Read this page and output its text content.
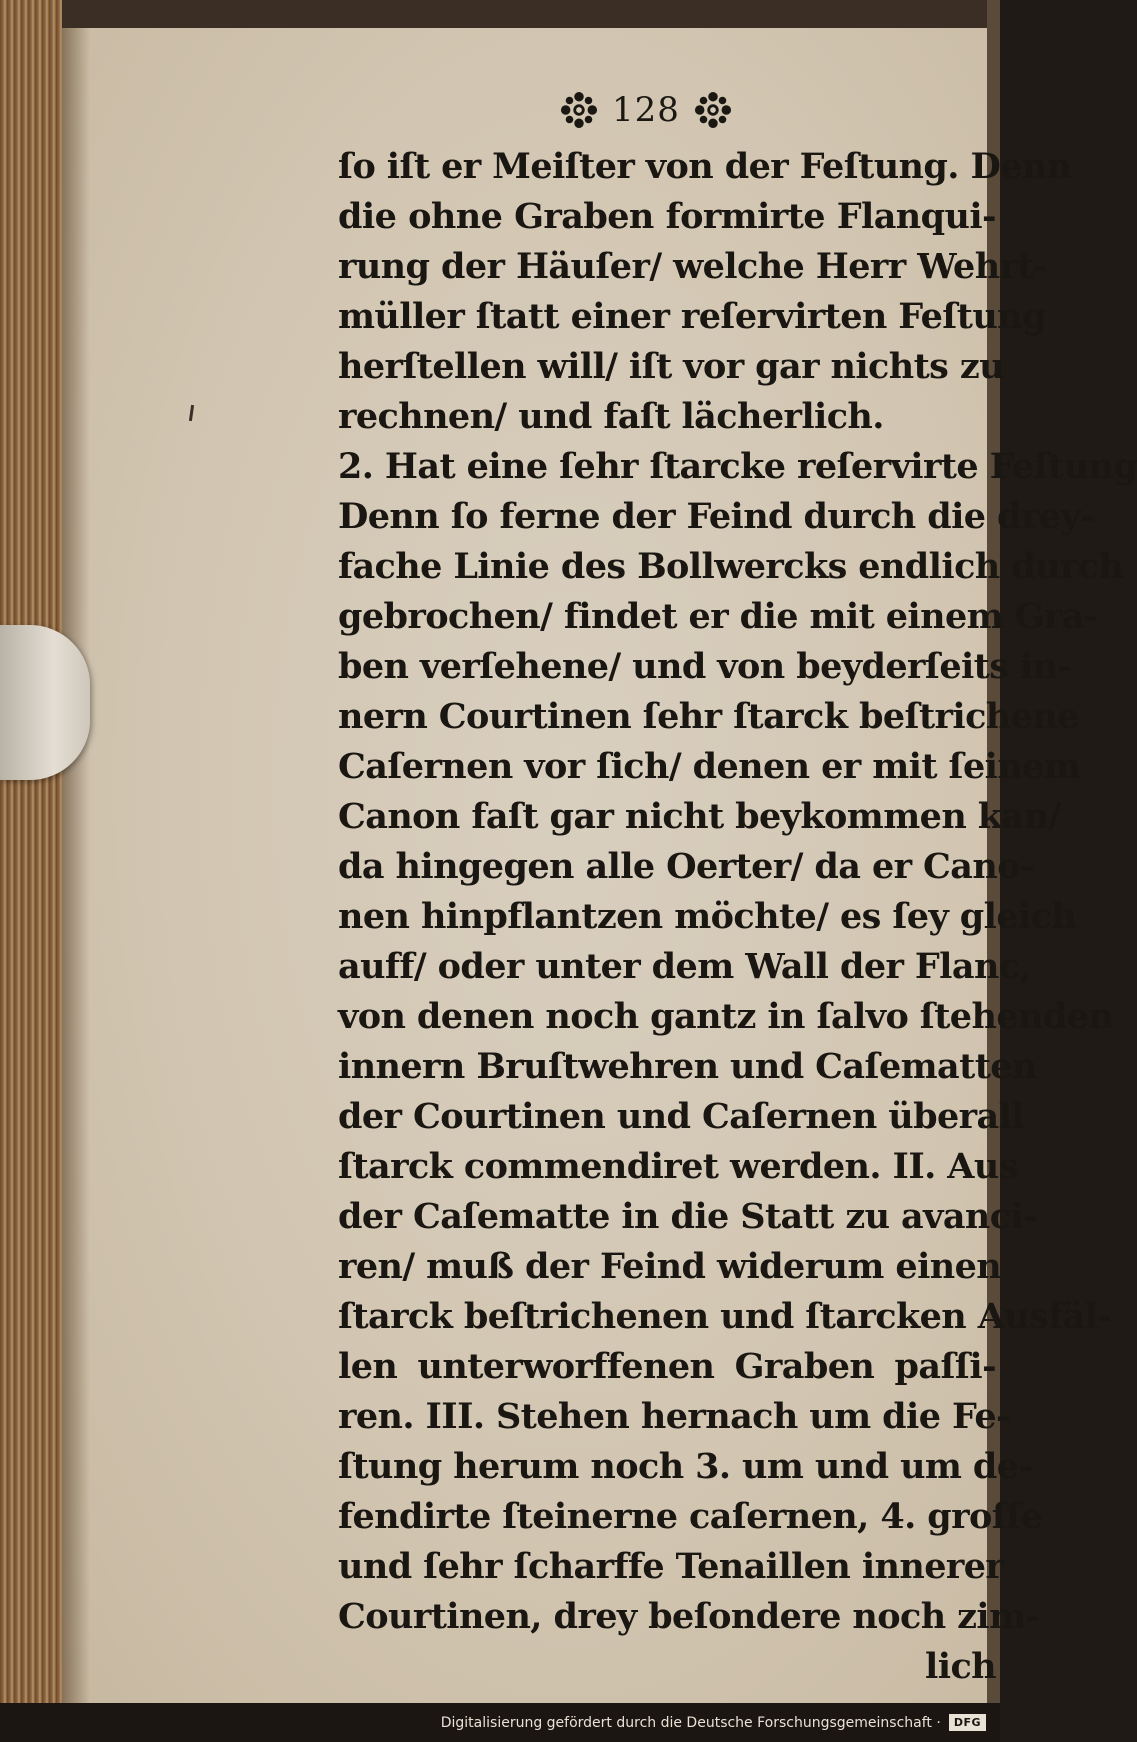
128
ſo iſt er Meiſter von der Feſtung. Denn
die ohne Graben formirte Flanqui-
rung der Häuſer/ welche Herr Wehrt-
müller ſtatt einer reſervirten Feſtung
herſtellen will/ iſt vor gar nichts zu
rechnen/ und faſt lächerlich.
2. Hat eine ſehr ſtarcke reſervirte Feſtung
Denn ſo ferne der Feind durch die drey-
fache Linie des Bollwercks endlich durch
gebrochen/ findet er die mit einem Gra-
ben verſehene/ und von beyderſeits in-
nern Courtinen ſehr ſtarck beſtrichene
Caſernen vor ſich/ denen er mit ſeinem
Canon faſt gar nicht beykommen kan/
da hingegen alle Oerter/ da er Cano-
nen hinpflantzen möchte/ es ſey gleich
auff/ oder unter dem Wall der Flanc,
von denen noch gantz in ſalvo ſtehenden
innern Bruſtwehren und Caſematten
der Courtinen und Caſernen überall
ſtarck commendiret werden. II. Aus
der Caſematte in die Statt zu avanci-
ren/ muß der Feind widerum einen
ſtarck beſtrichenen und ſtarcken Ausfäl-
len unterworffenen Graben paſſi-
ren. III. Stehen hernach um die Fe-
ſtung herum noch 3. um und um de-
fendirte ſteinerne caſernen, 4. groſſe
und ſehr ſcharffe Tenaillen innerer
Courtinen, drey beſondere noch zim-
lich
Digitalisierung gefördert durch die Deutsche Forschungsgemeinschaft ·	DFG
